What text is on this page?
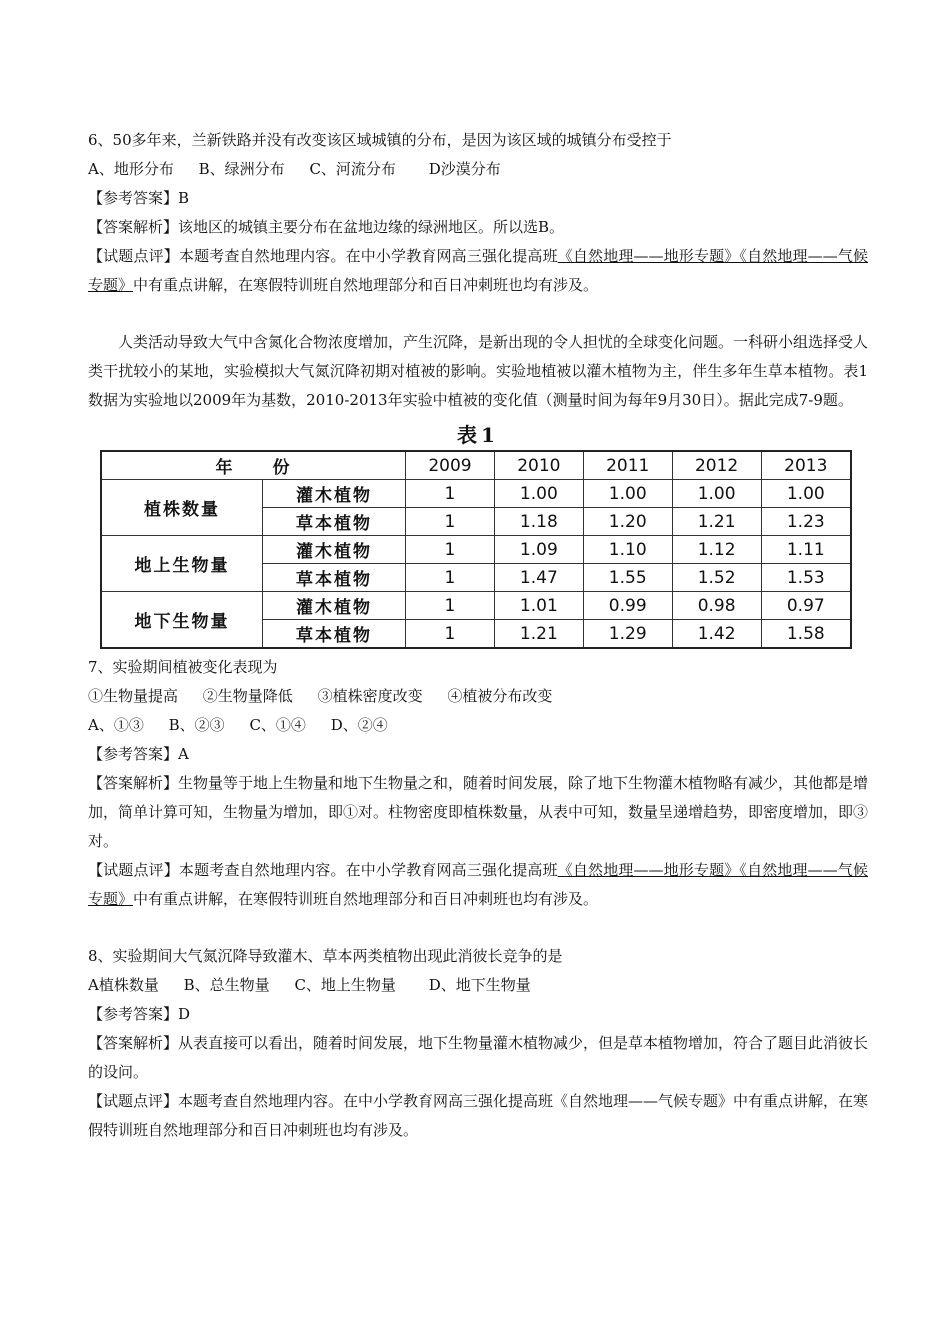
6、50多年来，兰新铁路并没有改变该区域城镇的分布，是因为该区域的城镇分布受控于
A、地形分布 B、绿洲分布 C、河流分布 D沙漠分布
【参考答案】B
【答案解析】该地区的城镇主要分布在盆地边缘的绿洲地区。所以选B。
【试题点评】本题考查自然地理内容。在中小学教育网高三强化提高班《自然地理——地形专题》《自然地理——气候专题》中有重点讲解，在寒假特训班自然地理部分和百日冲刺班也均有涉及。
人类活动导致大气中含氮化合物浓度增加，产生沉降，是新出现的令人担忧的全球变化问题。一科研小组选择受人类干扰较小的某地，实验模拟大气氮沉降初期对植被的影响。实验地植被以灌木植物为主，伴生多年生草本植物。表1数据为实验地以2009年为基数，2010-2013年实验中植被的变化值（测量时间为每年9月30日）。据此完成7-9题。
表1
年　　份		2009	2010	2011	2012	2013
植株数量	灌木植物	1	1.00	1.00	1.00	1.00
	草本植物	1	1.18	1.20	1.21	1.23
地上生物量	灌木植物	1	1.09	1.10	1.12	1.11
	草本植物	1	1.47	1.55	1.52	1.53
地下生物量	灌木植物	1	1.01	0.99	0.98	0.97
	草本植物	1	1.21	1.29	1.42	1.58
7、实验期间植被变化表现为
①生物量提高 ②生物量降低 ③植株密度改变 ④植被分布改变
A、①③ B、②③ C、①④ D、②④
【参考答案】A
【答案解析】生物量等于地上生物量和地下生物量之和，随着时间发展，除了地下生物灌木植物略有减少，其他都是增加，简单计算可知，生物量为增加，即①对。柱物密度即植株数量，从表中可知，数量呈递增趋势，即密度增加，即③对。
【试题点评】本题考查自然地理内容。在中小学教育网高三强化提高班《自然地理——地形专题》《自然地理——气候专题》中有重点讲解，在寒假特训班自然地理部分和百日冲刺班也均有涉及。
8、实验期间大气氮沉降导致灌木、草本两类植物出现此消彼长竞争的是
A植株数量 B、总生物量 C、地上生物量 D、地下生物量
【参考答案】D
【答案解析】从表直接可以看出，随着时间发展，地下生物量灌木植物减少，但是草本植物增加，符合了题目此消彼长的设问。
【试题点评】本题考查自然地理内容。在中小学教育网高三强化提高班《自然地理——气候专题》中有重点讲解，在寒假特训班自然地理部分和百日冲刺班也均有涉及。
